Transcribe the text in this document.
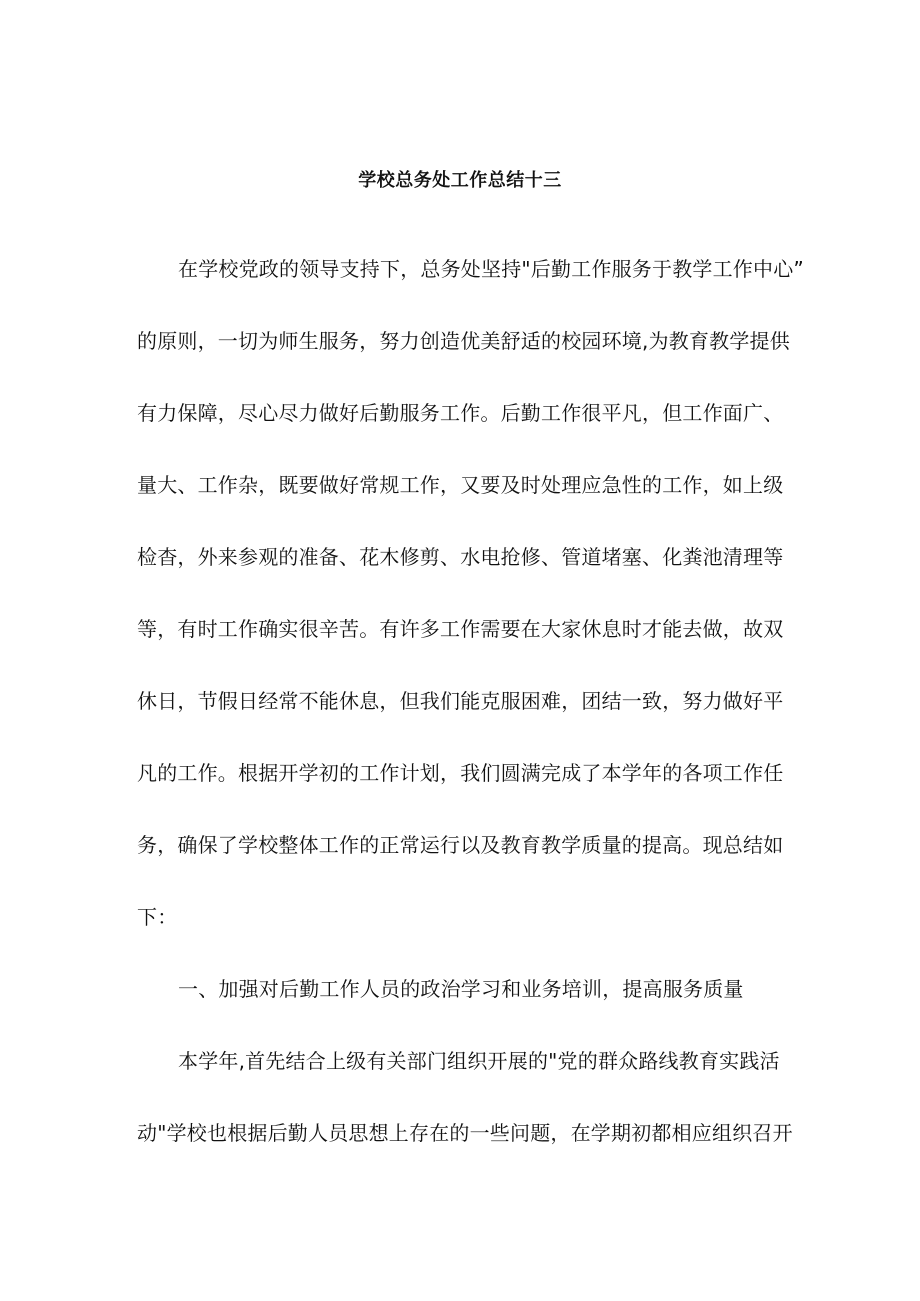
学校总务处工作总结十三
在学校党政的领导支持下，总务处坚持"后勤工作服务于教学工作中心”
的原则，一切为师生服务，努力创造优美舒适的校园环境,为教育教学提供
有力保障，尽心尽力做好后勤服务工作。后勤工作很平凡，但工作面广、
量大、工作杂，既要做好常规工作，又要及时处理应急性的工作，如上级
检杳，外来参观的准备、花木修剪、水电抢修、管道堵塞、化粪池清理等
等，有时工作确实很辛苦。有许多工作需要在大家休息时才能去做，故双
休日，节假日经常不能休息，但我们能克服困难，团结一致，努力做好平
凡的工作。根据开学初的工作计划，我们圆满完成了本学年的各项工作任
务，确保了学校整体工作的正常运行以及教育教学质量的提高。现总结如
下：
一、加强对后勤工作人员的政治学习和业务培训，提高服务质量
本学年,首先结合上级有关部门组织开展的"党的群众路线教育实践活
动"学校也根据后勤人员思想上存在的一些问题，在学期初都相应组织召开
